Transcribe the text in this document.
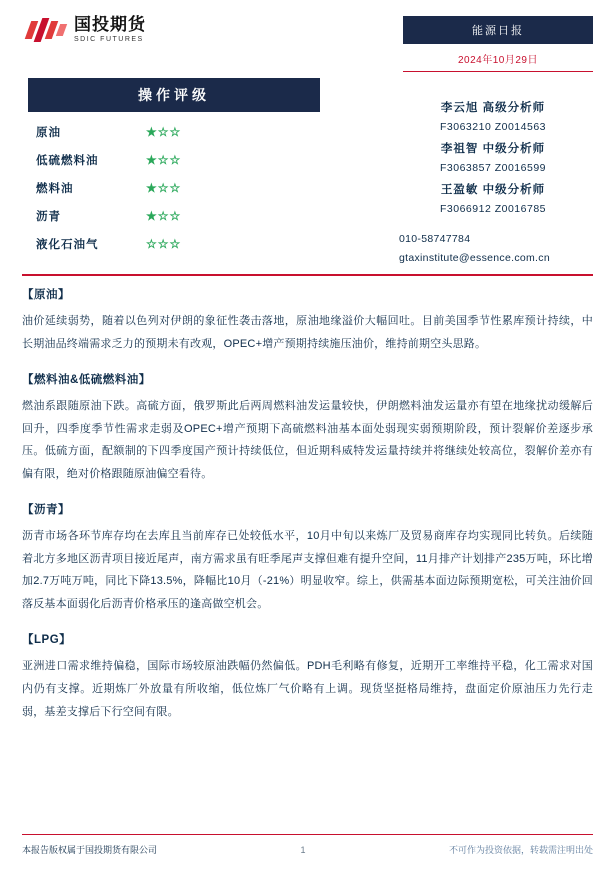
国投期货
SDIC FUTURES
能源日报
2024年10月29日
操作评级
原油	★☆☆
低硫燃料油	★☆☆
燃料油	★☆☆
沥青	★☆☆
液化石油气	☆☆☆
李云旭 高级分析师
F3063210 Z0014563
李祖智 中级分析师
F3063857 Z0016599
王盈敏 中级分析师
F3066912 Z0016785
010-58747784
gtaxinstitute@essence.com.cn
【原油】
油价延续弱势，随着以色列对伊朗的象征性袭击落地，原油地缘溢价大幅回吐。目前美国季节性累库预计持续，中长期油品终端需求乏力的预期未有改观，OPEC+增产预期持续施压油价，维持前期空头思路。
【燃料油&低硫燃料油】
燃油系跟随原油下跌。高硫方面，俄罗斯此后两周燃料油发运量较快，伊朗燃料油发运量亦有望在地缘扰动缓解后回升，四季度季节性需求走弱及OPEC+增产预期下高硫燃料油基本面处弱现实弱预期阶段，预计裂解价差逐步承压。低硫方面，配额制的下四季度国产预计持续低位，但近期科威特发运量持续并将继续处较高位，裂解价差亦有偏有限，绝对价格跟随原油偏空看待。
【沥青】
沥青市场各环节库存均在去库且当前库存已处较低水平，10月中旬以来炼厂及贸易商库存均实现同比转负。后续随着北方多地区沥青项目接近尾声，南方需求虽有旺季尾声支撑但难有提升空间，11月排产计划排产235万吨，环比增加2.7万吨万吨，同比下降13.5%，降幅比10月（-21%）明显收窄。综上，供需基本面边际预期宽松，可关注油价回落反基本面弱化后沥青价格承压的逢高做空机会。
【LPG】
亚洲进口需求维持偏稳，国际市场较原油跌幅仍然偏低。PDH毛利略有修复，近期开工率维持平稳，化工需求对国内仍有支撑。近期炼厂外放量有所收缩，低位炼厂气价略有上调。现货坚挺格局维持，盘面定价原油压力先行走弱，基差支撑后下行空间有限。
本报告版权属于国投期货有限公司	1	不可作为投资依据，转载需注明出处
